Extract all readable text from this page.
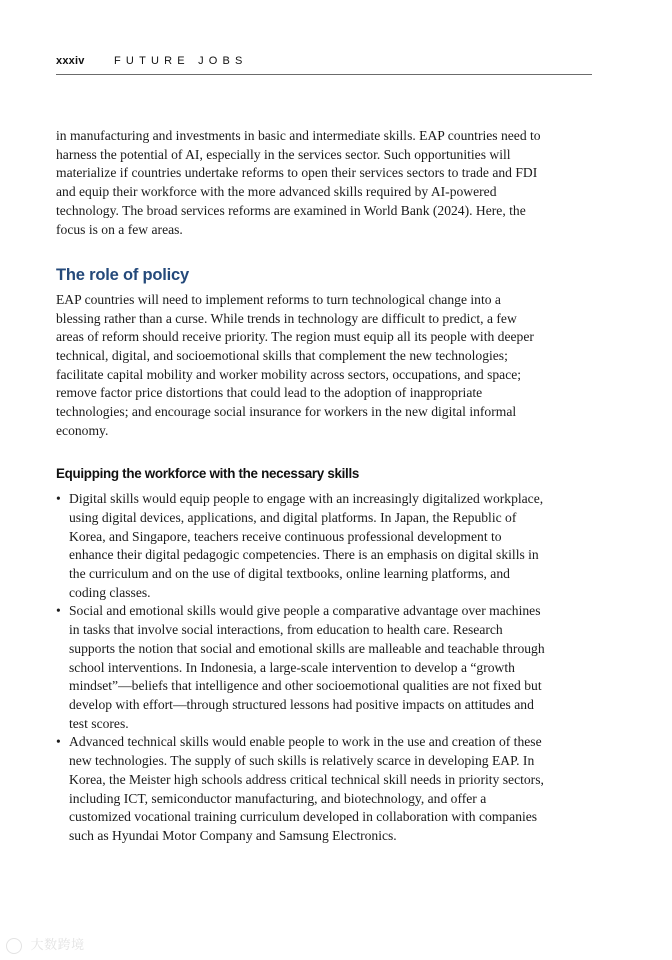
xxxiv	FUTURE JOBS

in manufacturing and investments in basic and intermediate skills. EAP countries need to harness the potential of AI, especially in the services sector. Such opportunities will materialize if countries undertake reforms to open their services sectors to trade and FDI and equip their workforce with the more advanced skills required by AI-powered technology. The broad services reforms are examined in World Bank (2024). Here, the focus is on a few areas.

The role of policy

EAP countries will need to implement reforms to turn technological change into a blessing rather than a curse. While trends in technology are difficult to predict, a few areas of reform should receive priority. The region must equip all its people with deeper technical, digital, and socioemotional skills that complement the new technologies; facilitate capital mobility and worker mobility across sectors, occupations, and space; remove factor price distortions that could lead to the adoption of inappropriate technologies; and encourage social insurance for workers in the new digital informal economy.

Equipping the workforce with the necessary skills
• Digital skills would equip people to engage with an increasingly digitalized workplace, using digital devices, applications, and digital platforms. In Japan, the Republic of Korea, and Singapore, teachers receive continuous professional development to enhance their digital pedagogic competencies. There is an emphasis on digital skills in the curriculum and on the use of digital textbooks, online learning platforms, and coding classes.
• Social and emotional skills would give people a comparative advantage over machines in tasks that involve social interactions, from education to health care. Research supports the notion that social and emotional skills are malleable and teachable through school interventions. In Indonesia, a large-scale intervention to develop a “growth mindset”—beliefs that intelligence and other socioemotional qualities are not fixed but develop with effort—through structured lessons had positive impacts on attitudes and test scores.
• Advanced technical skills would enable people to work in the use and creation of these new technologies. The supply of such skills is relatively scarce in developing EAP. In Korea, the Meister high schools address critical technical skill needs in priority sectors, including ICT, semiconductor manufacturing, and biotechnology, and offer a customized vocational training curriculum developed in collaboration with companies such as Hyundai Motor Company and Samsung Electronics.
大数跨境
